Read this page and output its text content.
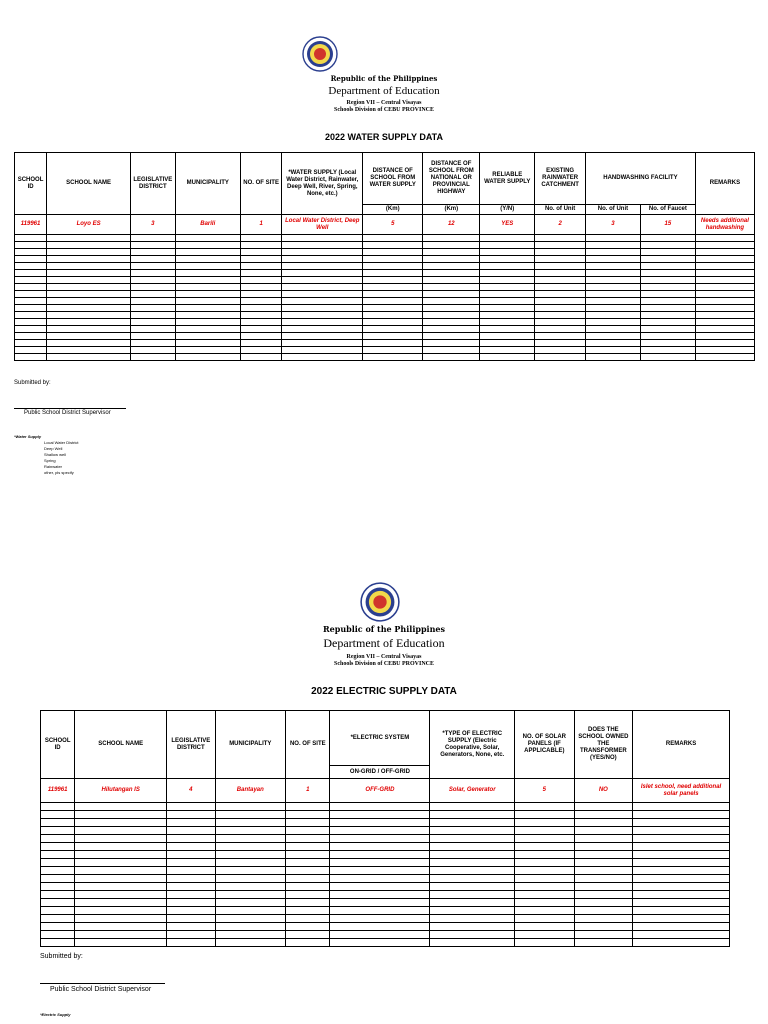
Republic of the Philippines
Department of Education
Region VII – Central Visayas
Schools Division of CEBU PROVINCE
2022 WATER SUPPLY DATA
SCHOOL ID	SCHOOL NAME	LEGISLATIVE DISTRICT	MUNICIPALITY	NO. OF SITE	*WATER SUPPLY (Local Water District, Rainwater, Deep Well, River, Spring, None, etc.)	DISTANCE OF SCHOOL FROM WATER SUPPLY	DISTANCE OF SCHOOL FROM NATIONAL OR PROVINCIAL HIGHWAY	RELIABLE WATER SUPPLY	EXISTING RAINWATER CATCHMENT	HANDWASHING FACILITY		REMARKS
						(Km)	(Km)	(Y/N)	No. of Unit	No. of Unit	No. of Faucet	
119961	Loyo ES	3	Barili	1	Local Water District, Deep Well	5	12	YES	2	3	15	Needs additional handwashing

Submitted by:
Public School District Supervisor
*Water Supply
Local Water District
Deep Well
Shallow well
Spring
Rainwater
other, pls specify
Republic of the Philippines
Department of Education
Region VII – Central Visayas
Schools Division of CEBU PROVINCE
2022 ELECTRIC SUPPLY DATA
SCHOOL ID	SCHOOL NAME	LEGISLATIVE DISTRICT	MUNICIPALITY	NO. OF SITE	*ELECTRIC SYSTEM	*TYPE OF ELECTRIC SUPPLY (Electric Cooperative, Solar, Generators, None, etc.	NO. OF SOLAR PANELS (IF APPLICABLE)	DOES THE SCHOOL OWNED THE TRANSFORMER (YES/NO)	REMARKS
					ON-GRID / OFF-GRID				
119961	Hilutangan IS	4	Bantayan	1	OFF-GRID	Solar, Generator	5	NO	Islet school, need additional solar panels

Submitted by:
Public School District Supervisor
*Electric Supply
